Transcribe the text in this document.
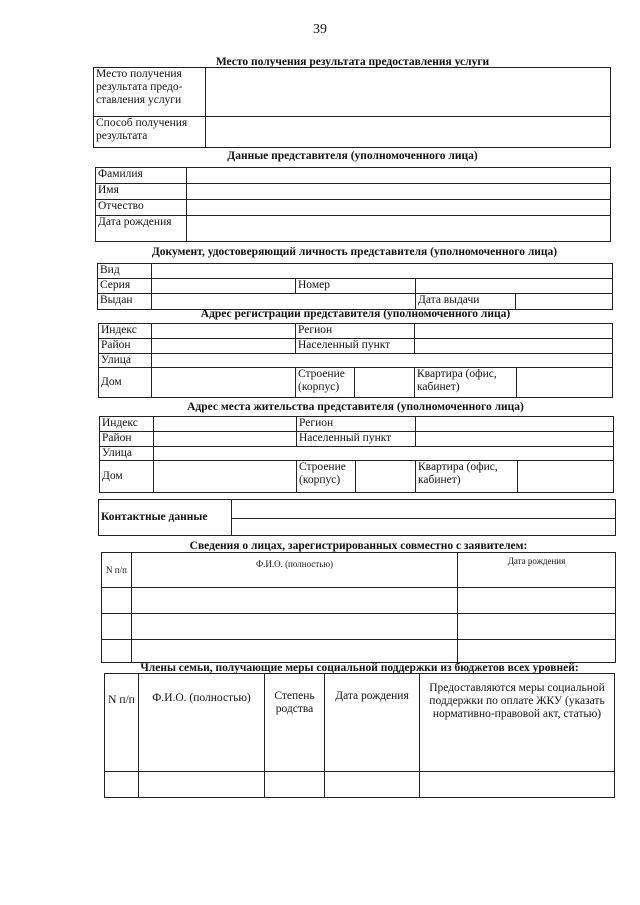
39
Место получения результата предоставления услуги
Место получения результата предо-ставления услуги	
Способ получения результата	
Данные представителя (уполномоченного лица)
Фамилия	
Имя	
Отчество	
Дата рождения	
Документ, удостоверяющий личность представителя (уполномоченного лица)
Вид				
Серия		Номер		
Выдан			Дата выдачи	
Адрес регистрации представителя (уполномоченного лица)
Индекс		Регион			
Район		Населенный пункт			
Улица					
Дом		Строение (корпус)		Квартира (офис, кабинет)	
Адрес места жительства представителя (уполномоченного лица)
Индекс		Регион			
Район		Населенный пункт			
Улица					
Дом		Строение (корпус)		Квартира (офис, кабинет)	
Контактные данные	

Сведения о лицах, зарегистрированных совместно с заявителем:
N п/п	Ф.И.О. (полностью)	Дата рождения

Члены семьи, получающие меры социальной поддержки из бюджетов всех уровней:
N п/п	Ф.И.О. (полностью)	Степень родства	Дата рождения	Предоставляются меры социальной поддержки по оплате ЖКУ (указать нормативно-правовой акт, статью)
